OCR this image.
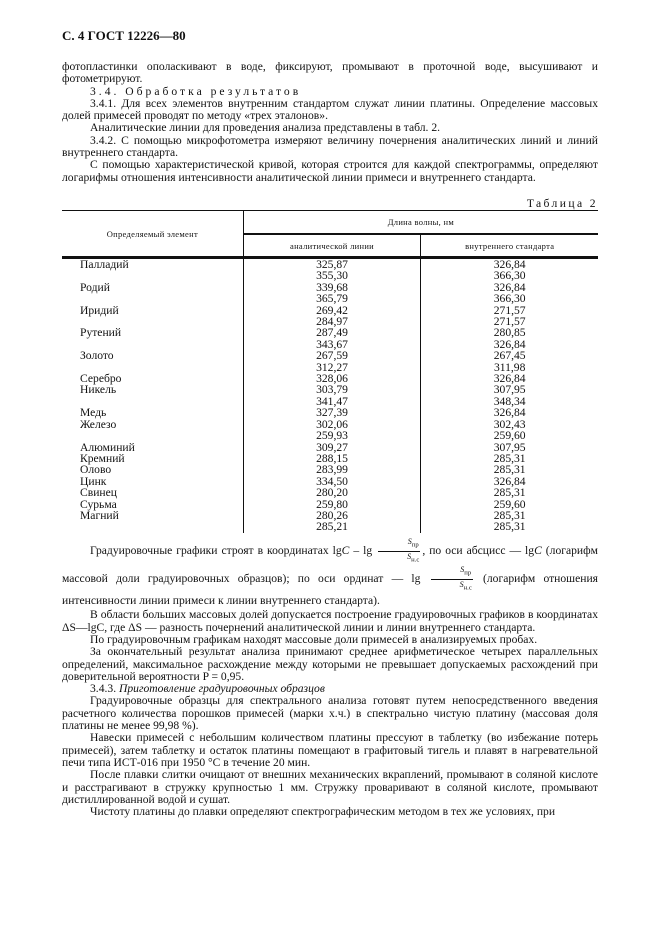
С. 4 ГОСТ 12226—80

фотопластинки ополаскивают в воде, фиксируют, промывают в проточной воде, высушивают и фотометрируют.

3.4. Обработка результатов

3.4.1. Для всех элементов внутренним стандартом служат линии платины. Определение массовых долей примесей проводят по методу «трех эталонов».

Аналитические линии для проведения анализа представлены в табл. 2.

3.4.2. С помощью микрофотометра измеряют величину почернения аналитических линий и линий внутреннего стандарта.

С помощью характеристической кривой, которая строится для каждой спектрограммы, определяют логарифмы отношения интенсивности аналитической линии примеси и внутреннего стандарта.

Таблица 2
Определяемый элемент	Длина волны, нм	
	аналитической линии	внутреннего стандарта
Палладий	325,87	326,84
	355,30	366,30
Родий	339,68	326,84
	365,79	366,30
Иридий	269,42	271,57
	284,97	271,57
Рутений	287,49	280,85
	343,67	326,84
Золото	267,59	267,45
	312,27	311,98
Серебро	328,06	326,84
Никель	303,79	307,95
	341,47	348,34
Медь	327,39	326,84
Железо	302,06	302,43
	259,93	259,60
Алюминий	309,27	307,95
Кремний	288,15	285,31
Олово	283,99	285,31
Цинк	334,50	326,84
Свинец	280,20	285,31
Сурьма	259,80	259,60
Магний	280,26	285,31
	285,21	285,31

Градуировочные графики строят в координатах lgC – $\lg \frac{S_{пр}}{S_{н.с}}$ , по оси абсцисс — lgC (логарифм массовой доли градуировочных образцов); по оси ординат — $\lg \frac{S_{пр}}{S_{н.с}}$ (логарифм отношения интенсивности линии примеси к линии внутреннего стандарта).

В области больших массовых долей допускается построение градуировочных графиков в координатах ΔS—lgC, где ΔS — разность почернений аналитической линии и линии внутреннего стандарта.

По градуировочным графикам находят массовые доли примесей в анализируемых пробах.

За окончательный результат анализа принимают среднее арифметическое четырех параллельных определений, максимальное расхождение между которыми не превышает допускаемых расхождений при доверительной вероятности P = 0,95.

3.4.3. Приготовление градуировочных образцов

Градуировочные образцы для спектрального анализа готовят путем непосредственного введения расчетного количества порошков примесей (марки х.ч.) в спектрально чистую платину (массовая доля платины не менее 99,98 %).

Навески примесей с небольшим количеством платины прессуют в таблетку (во избежание потерь примесей), затем таблетку и остаток платины помещают в графитовый тигель и плавят в нагревательной печи типа ИСТ-016 при 1950 °С в течение 20 мин.

После плавки слитки очищают от внешних механических вкраплений, промывают в соляной кислоте и расстрагивают в стружку крупностью 1 мм. Стружку проваривают в соляной кислоте, промывают дистиллированной водой и сушат.

Чистоту платины до плавки определяют спектрографическим методом в тех же условиях, при
